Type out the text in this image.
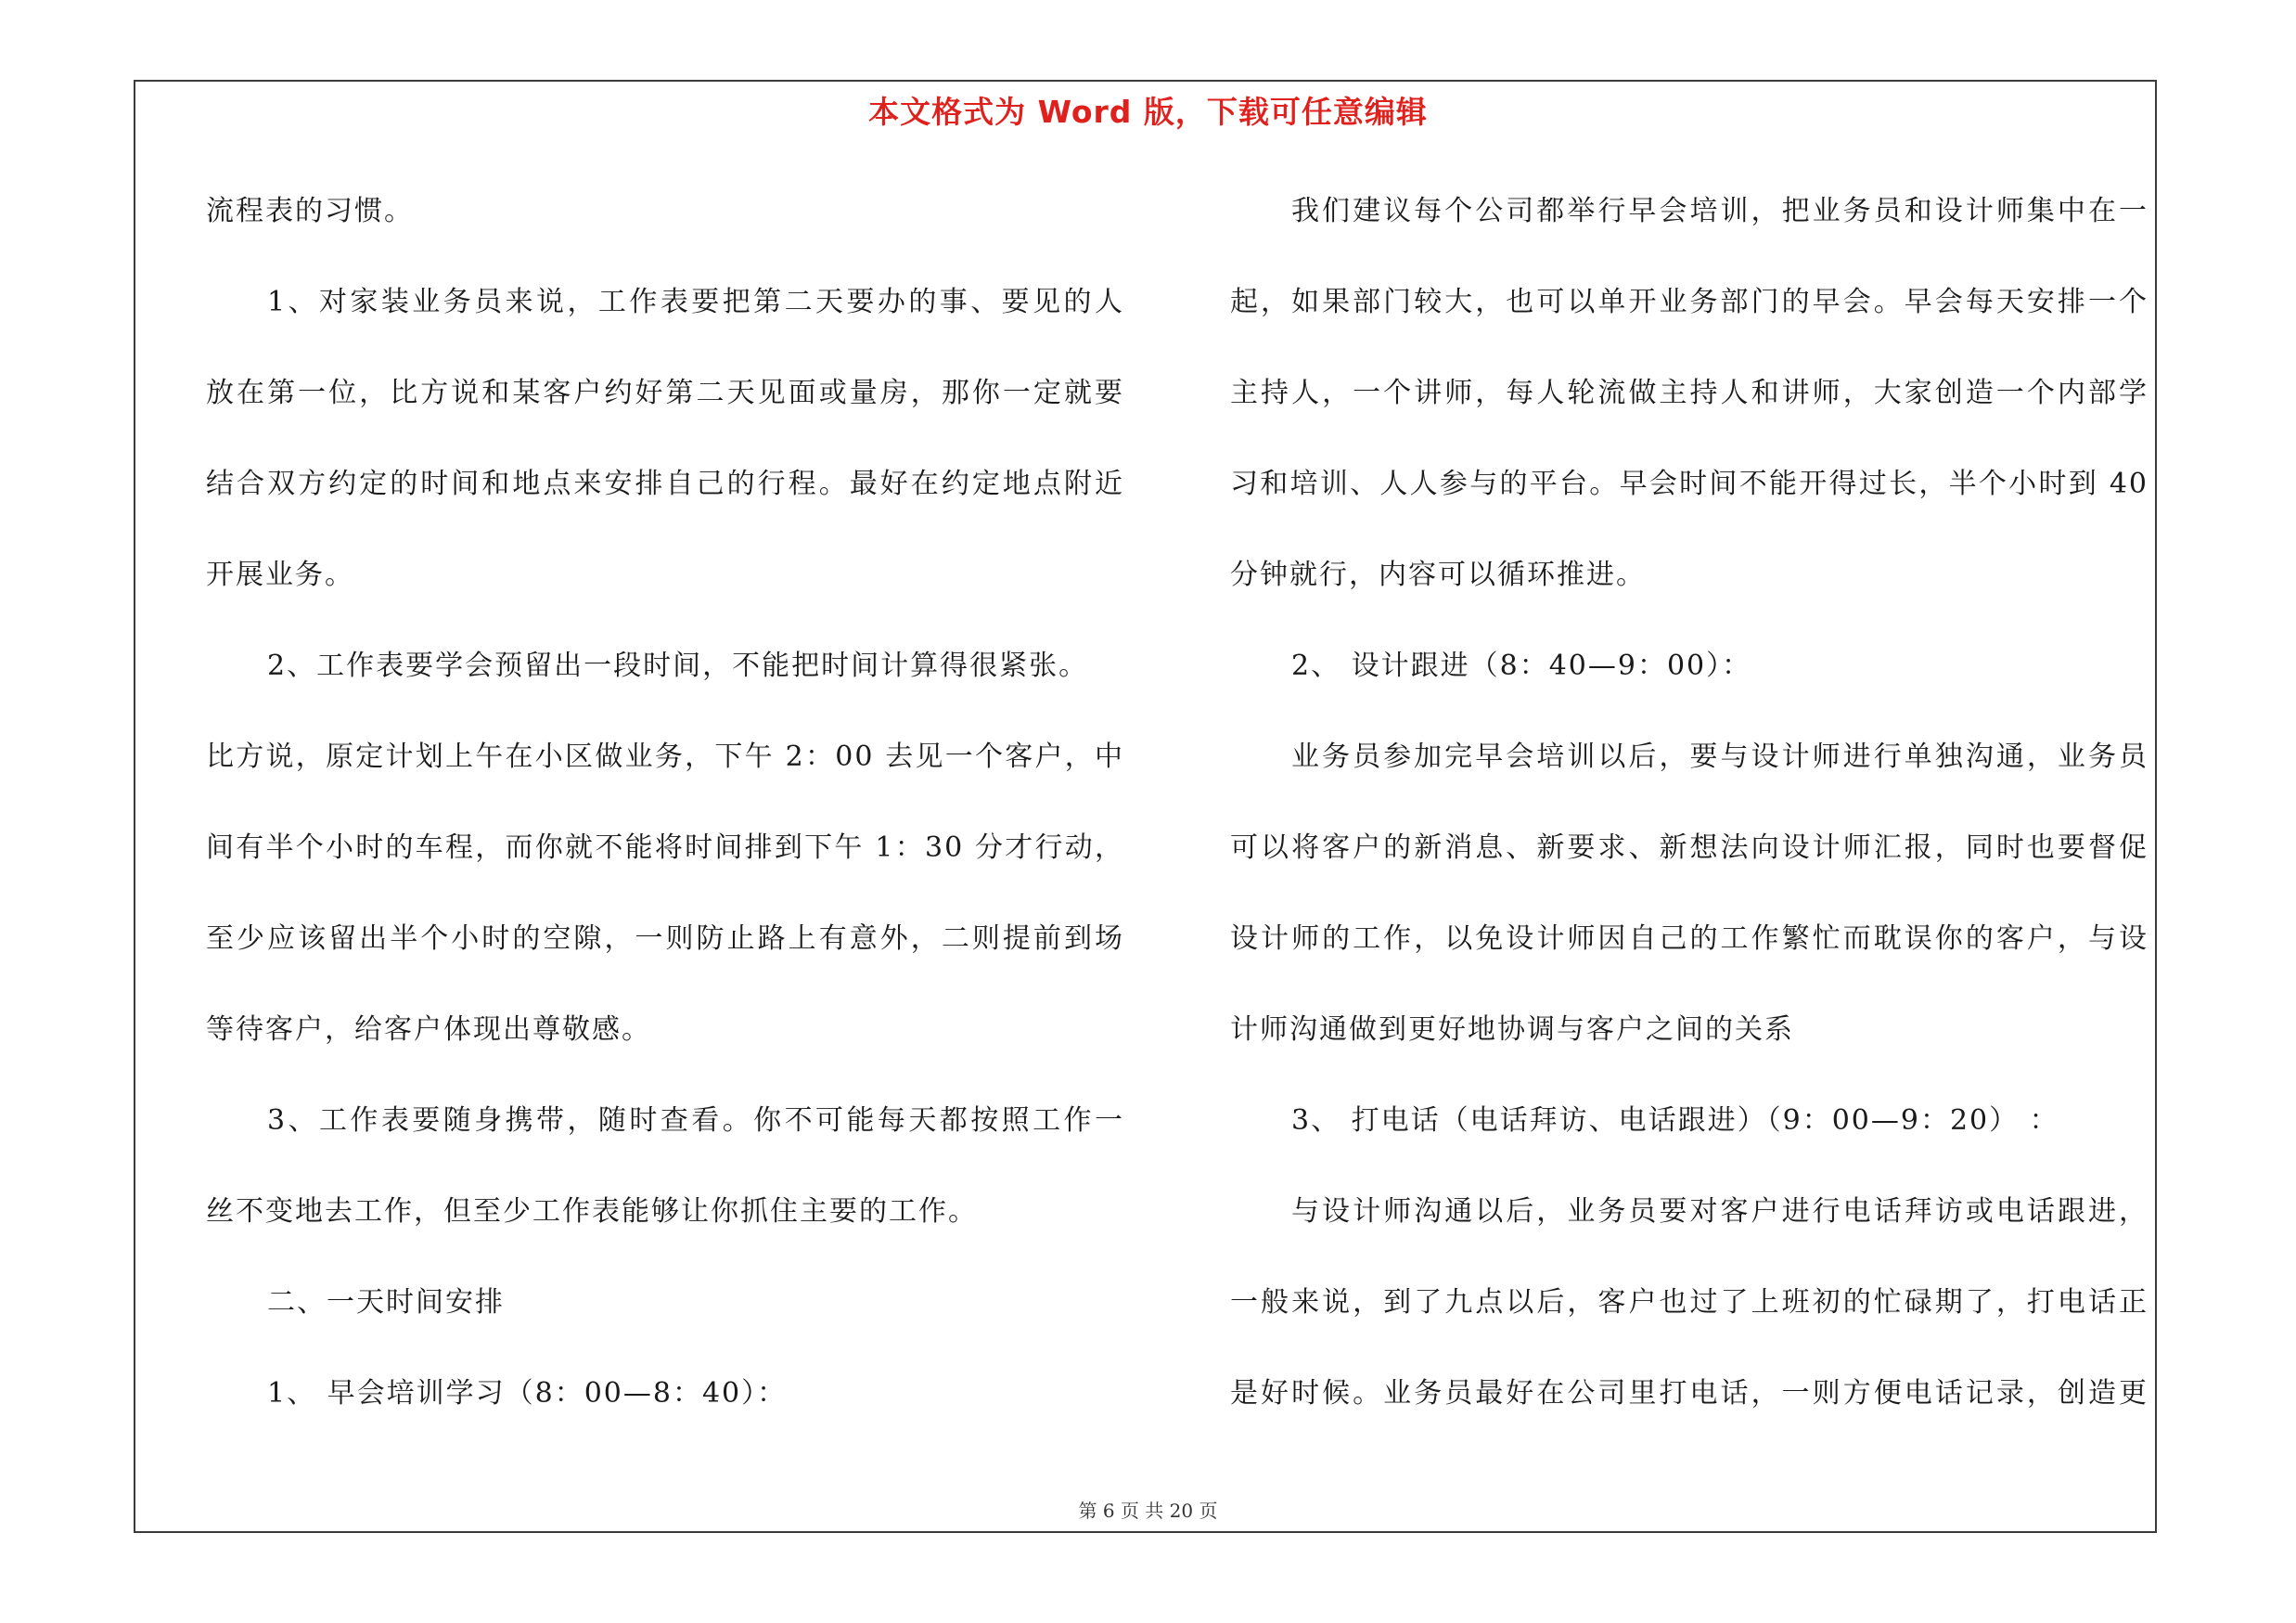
本文格式为 Word 版，下载可任意编辑
流程表的习惯。
1、对家装业务员来说，工作表要把第二天要办的事、要见的人
放在第一位，比方说和某客户约好第二天见面或量房，那你一定就要
结合双方约定的时间和地点来安排自己的行程。最好在约定地点附近
开展业务。
2、工作表要学会预留出一段时间，不能把时间计算得很紧张。
比方说，原定计划上午在小区做业务，下午 2：00 去见一个客户，中
间有半个小时的车程，而你就不能将时间排到下午 1：30 分才行动，
至少应该留出半个小时的空隙，一则防止路上有意外，二则提前到场
等待客户，给客户体现出尊敬感。
3、工作表要随身携带，随时查看。你不可能每天都按照工作一
丝不变地去工作，但至少工作表能够让你抓住主要的工作。
二、一天时间安排
1、 早会培训学习（8：00—8：40）：
我们建议每个公司都举行早会培训，把业务员和设计师集中在一
起，如果部门较大，也可以单开业务部门的早会。早会每天安排一个
主持人，一个讲师，每人轮流做主持人和讲师，大家创造一个内部学
习和培训、人人参与的平台。早会时间不能开得过长，半个小时到 40
分钟就行，内容可以循环推进。
2、 设计跟进（8：40—9：00）：
业务员参加完早会培训以后，要与设计师进行单独沟通，业务员
可以将客户的新消息、新要求、新想法向设计师汇报，同时也要督促
设计师的工作，以免设计师因自己的工作繁忙而耽误你的客户，与设
计师沟通做到更好地协调与客户之间的关系
3、 打电话（电话拜访、电话跟进）（9：00—9：20） ：
与设计师沟通以后，业务员要对客户进行电话拜访或电话跟进，
一般来说，到了九点以后，客户也过了上班初的忙碌期了，打电话正
是好时候。业务员最好在公司里打电话，一则方便电话记录，创造更
第 6 页 共 20 页
